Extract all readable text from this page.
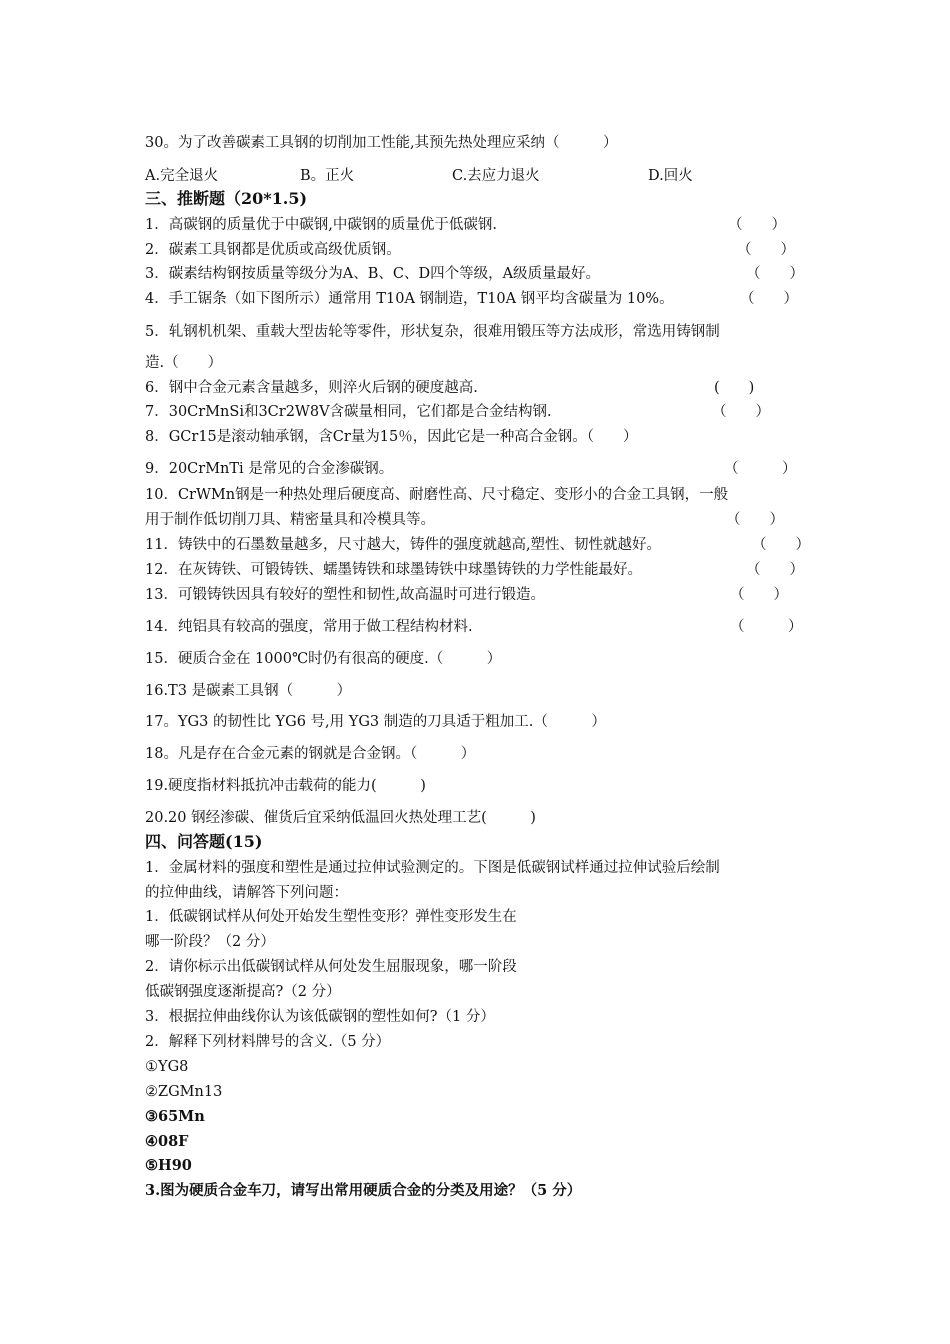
30。为了改善碳素工具钢的切削加工性能,其预先热处理应采纳（　　　）
A.完全退火	B。正火	C.去应力退火	D.回火
三、推断题（20*1.5)
1．高碳钢的质量优于中碳钢,中碳钢的质量优于低碳钢.	（　　）
2．碳素工具钢都是优质或高级优质钢。	（　　）
3．碳素结构钢按质量等级分为A、B、C、D四个等级，A级质量最好。	（　　）
4．手工锯条（如下图所示）通常用 T10A 钢制造，T10A 钢平均含碳量为 10%。	（　　）
5．轧钢机机架、重载大型齿轮等零件，形状复杂，很难用锻压等方法成形，常选用铸钢制
造.（　　）
6．钢中合金元素含量越多，则淬火后钢的硬度越高.	(　　)
7．30CrMnSi和3Cr2W8V含碳量相同，它们都是合金结构钢.	（　　）
8．GCr15是滚动轴承钢，含Cr量为15％，因此它是一种高合金钢。（　　）
9．20CrMnTi 是常见的合金渗碳钢。	（　　　）
10．CrWMn钢是一种热处理后硬度高、耐磨性高、尺寸稳定、变形小的合金工具钢，一般
用于制作低切削刀具、精密量具和冷模具等。	（　　）
11．铸铁中的石墨数量越多，尺寸越大，铸件的强度就越高,塑性、韧性就越好。	（　　）
12．在灰铸铁、可锻铸铁、蠕墨铸铁和球墨铸铁中球墨铸铁的力学性能最好。	（　　）
13．可锻铸铁因具有较好的塑性和韧性,故高温时可进行锻造。	（　　）
14．纯铝具有较高的强度，常用于做工程结构材料.	（　　　）
15．硬质合金在 1000℃时仍有很高的硬度.（　　　）
16.T3 是碳素工具钢（　　　）
17。YG3 的韧性比 YG6 号,用 YG3 制造的刀具适于粗加工.（　　　）
18。凡是存在合金元素的钢就是合金钢。（　　　）
19.硬度指材料抵抗冲击载荷的能力(　　　)
20.20 钢经渗碳、催货后宜采纳低温回火热处理工艺(　　　)
四、问答题(15)
1．金属材料的强度和塑性是通过拉伸试验测定的。下图是低碳钢试样通过拉伸试验后绘制
的拉伸曲线，请解答下列问题：
1．低碳钢试样从何处开始发生塑性变形？弹性变形发生在
哪一阶段？（2 分）
2．请你标示出低碳钢试样从何处发生屈服现象，哪一阶段
低碳钢强度逐渐提高?（2 分）
3．根据拉伸曲线你认为该低碳钢的塑性如何?（1 分）
2．解释下列材料牌号的含义.（5 分）
①YG8
②ZGMn13
③65Mn
④08F
⑤H90
3.图为硬质合金车刀，请写出常用硬质合金的分类及用途？（5 分）
